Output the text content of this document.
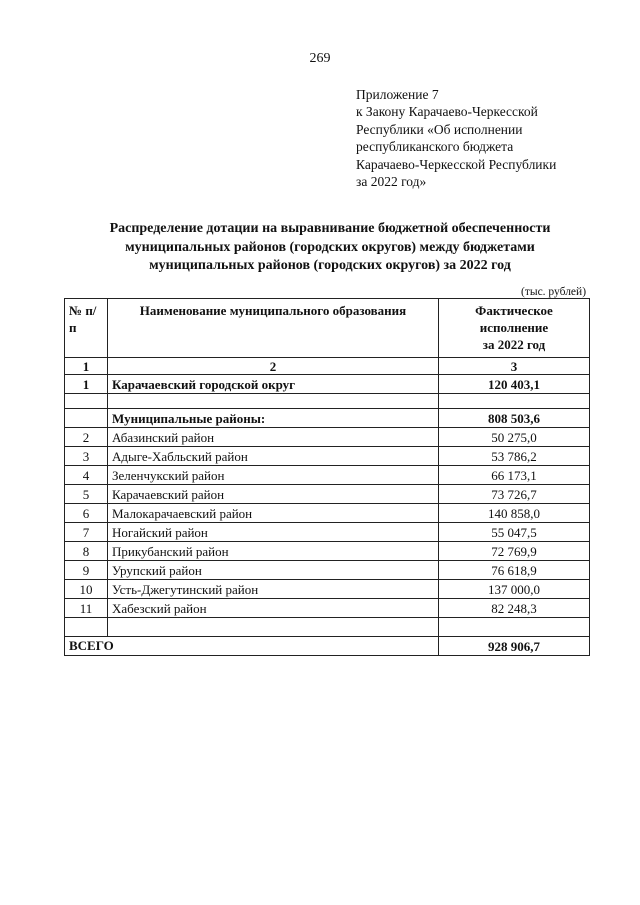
269
Приложение 7
к Закону Карачаево-Черкесской
Республики «Об исполнении
республиканского бюджета
Карачаево-Черкесской Республики
за 2022 год»
Распределение дотации на выравнивание бюджетной обеспеченности
муниципальных районов (городских округов) между бюджетами
муниципальных районов (городских округов) за 2022 год
(тыс. рублей)
№ п/п	Наименование муниципального образования	Фактическое
исполнение
за 2022 год

1	2	3
1	Карачаевский городской округ	120 403,1

	Муниципальные районы:	808 503,6
2	Абазинский район	50 275,0
3	Адыге-Хабльский район	53 786,2
4	Зеленчукский район	66 173,1
5	Карачаевский район	73 726,7
6	Малокарачаевский район	140 858,0
7	Ногайский район	55 047,5
8	Прикубанский район	72 769,9
9	Урупский район	76 618,9
10	Усть-Джегутинский район	137 000,0
11	Хабезский район	82 248,3

ВСЕГО		928 906,7
